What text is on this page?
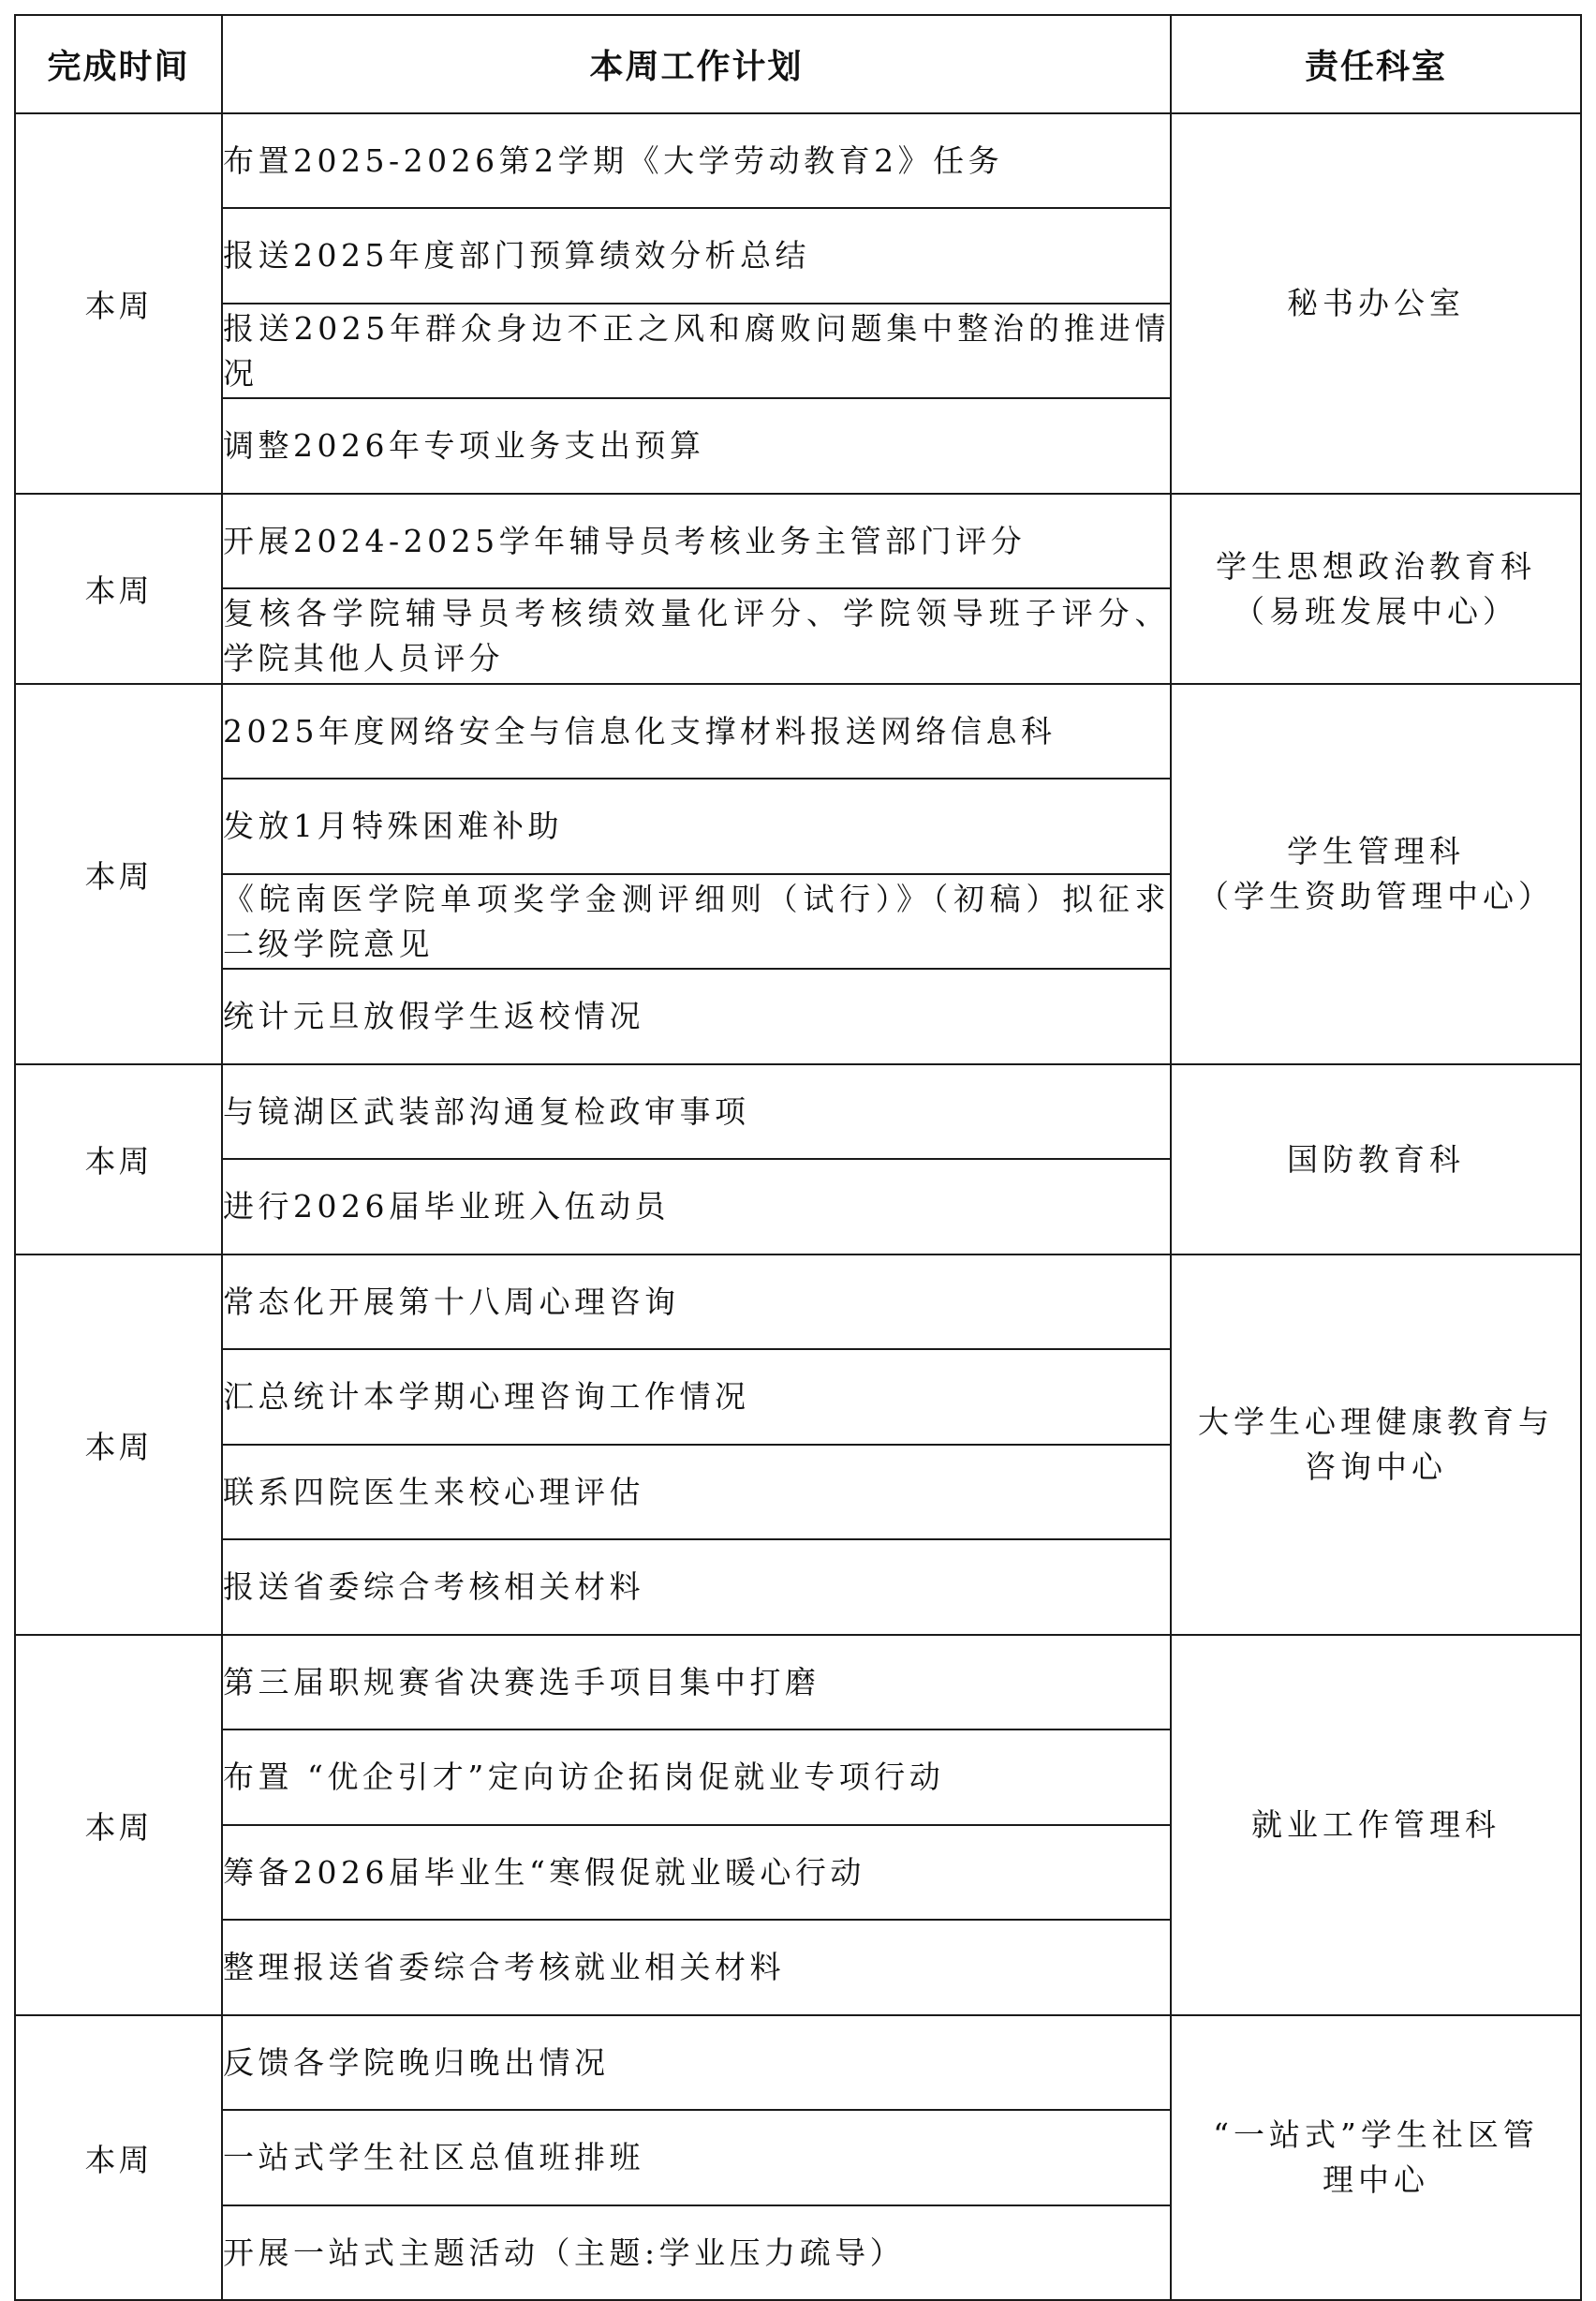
完成时间	本周工作计划	责任科室
本周	布置2025-2026第2学期《大学劳动教育2》任务	秘书办公室

	报送2025年度部门预算绩效分析总结	
	报送2025年群众身边不正之风和腐败问题集中整治的推进情况	
	调整2026年专项业务支出预算	
本周	开展2024-2025学年辅导员考核业务主管部门评分	学生思想政治教育科
（易班发展中心）

	复核各学院辅导员考核绩效量化评分、学院领导班子评分、学院其他人员评分	
本周	2025年度网络安全与信息化支撑材料报送网络信息科	学生管理科
（学生资助管理中心）

	发放1月特殊困难补助	
	《皖南医学院单项奖学金测评细则（试行）》（初稿）拟征求二级学院意见	
	统计元旦放假学生返校情况	
本周	与镜湖区武装部沟通复检政审事项	国防教育科

	进行2026届毕业班入伍动员	
本周	常态化开展第十八周心理咨询	大学生心理健康教育与
咨询中心

	汇总统计本学期心理咨询工作情况	
	联系四院医生来校心理评估	
	报送省委综合考核相关材料	
本周	第三届职规赛省决赛选手项目集中打磨	就业工作管理科

	布置 “优企引才”定向访企拓岗促就业专项行动	
	筹备2026届毕业生“寒假促就业暖心行动	
	整理报送省委综合考核就业相关材料	
本周	反馈各学院晚归晚出情况	“一站式”学生社区管
理中心

	一站式学生社区总值班排班	
	开展一站式主题活动（主题:学业压力疏导）	
